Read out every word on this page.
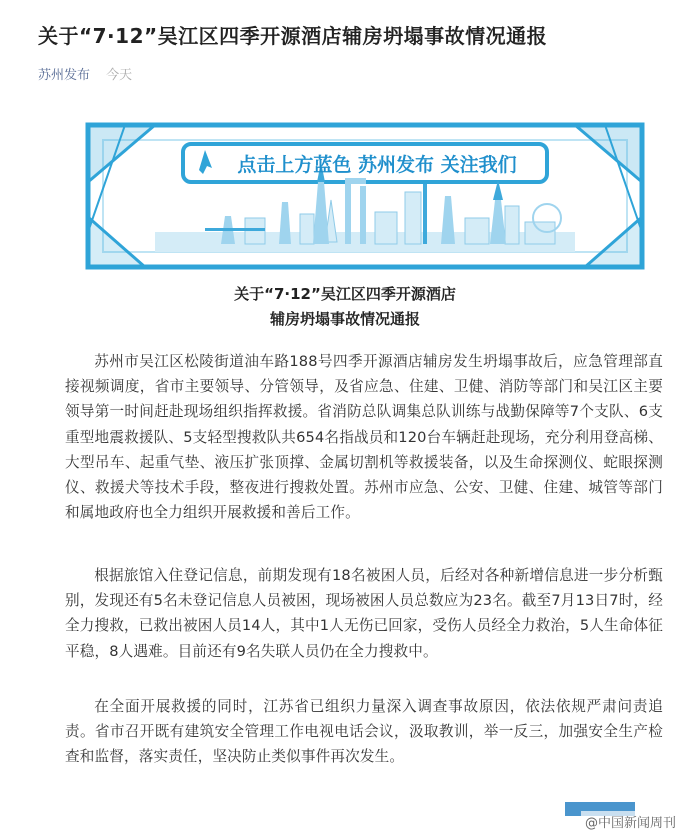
关于“7·12”吴江区四季开源酒店辅房坍塌事故情况通报
苏州发布 今天
点击上方蓝色 苏州发布 关注我们
关于“7·12”吴江区四季开源酒店
辅房坍塌事故情况通报
苏州市吴江区松陵街道油车路188号四季开源酒店辅房发生坍塌事故后，应急管理部直接视频调度，省市主要领导、分管领导，及省应急、住建、卫健、消防等部门和吴江区主要领导第一时间赶赴现场组织指挥救援。省消防总队调集总队训练与战勤保障等7个支队、6支重型地震救援队、5支轻型搜救队共654名指战员和120台车辆赶赴现场，充分利用登高梯、大型吊车、起重气垫、液压扩张顶撑、金属切割机等救援装备，以及生命探测仪、蛇眼探测仪、救援犬等技术手段，整夜进行搜救处置。苏州市应急、公安、卫健、住建、城管等部门和属地政府也全力组织开展救援和善后工作。
根据旅馆入住登记信息，前期发现有18名被困人员，后经对各种新增信息进一步分析甄别，发现还有5名未登记信息人员被困，现场被困人员总数应为23名。截至7月13日7时，经全力搜救，已救出被困人员14人，其中1人无伤已回家，受伤人员经全力救治，5人生命体征平稳，8人遇难。目前还有9名失联人员仍在全力搜救中。
在全面开展救援的同时，江苏省已组织力量深入调查事故原因，依法依规严肃问责追责。省市召开既有建筑安全管理工作电视电话会议，汲取教训，举一反三，加强安全生产检查和监督，落实责任，坚决防止类似事件再次发生。
@中国新闻周刊
